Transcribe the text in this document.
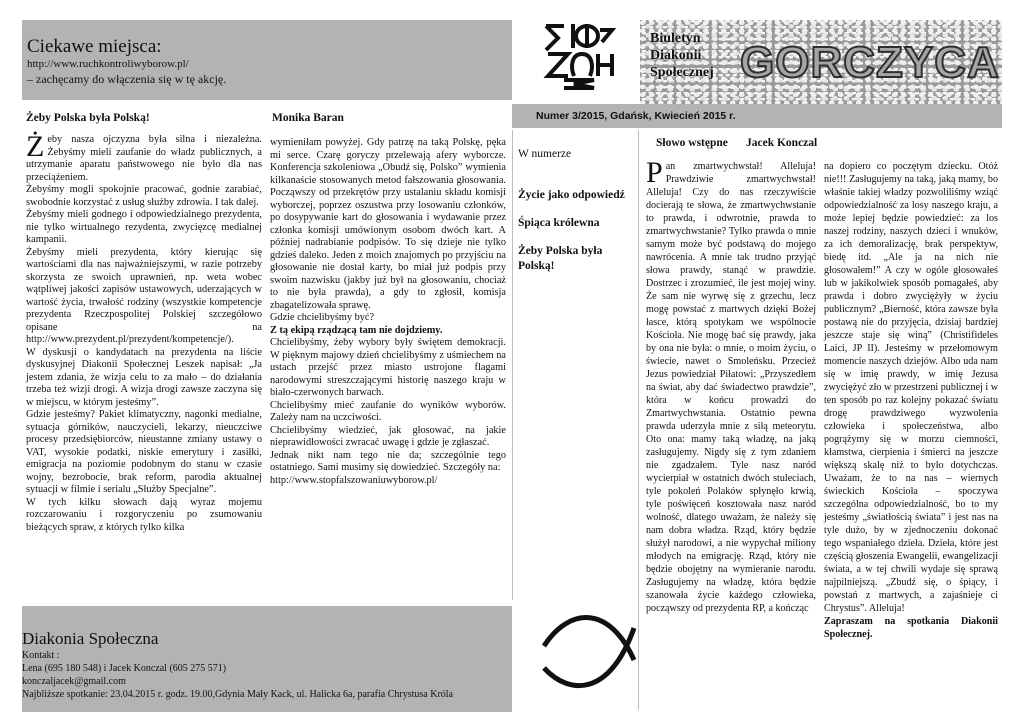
Ciekawe miejsca:
http://www.ruchkontroliwyborow.pl/
– zachęcamy do włączenia się w tę akcję.
Biuletyn
Diakonii
Społecznej GORCZYCA
Numer 3/2015, Gdańsk, Kwiecień 2015 r.
Żeby Polska była Polską!	Monika Baran
Ż eby nasza ojczyzna była silna i niezależna. Żebyśmy mieli zaufanie do władz publicznych, a utrzymanie aparatu państwowego nie było dla nas przeciążeniem.

Żebyśmy mogli spokojnie pracować, godnie zarabiać, swobodnie korzystać z usług służby zdrowia. I tak dalej.

Żebyśmy mieli godnego i odpowiedzialnego prezydenta, nie tylko wirtualnego rezydenta, zwycięzcę medialnej kampanii.

Żebyśmy mieli prezydenta, który kierując się wartościami dla nas najważniejszymi, w razie potrzeby skorzysta ze swoich uprawnień, np. weta wobec wątpliwej jakości zapisów ustawowych, uderzających w wartość życia, trwałość rodziny (wszystkie kompetencje prezydenta Rzeczpospolitej Polskiej szczegółowo opisane na http://www.prezydent.pl/prezydent/kompetencje/).

W dyskusji o kandydatach na prezydenta na liście dyskusyjnej Diakonii Społecznej Leszek napisał: „Ja jestem zdania, że wizja celu to za mało – do działania trzeba też wizji drogi. A wizja drogi zawsze zaczyna się w miejscu, w którym jesteśmy”.

Gdzie jesteśmy? Pakiet klimatyczny, nagonki medialne, sytuacja górników, nauczycieli, lekarzy, nieuczciwe procesy przedsiębiorców, nieustanne zmiany ustawy o VAT, wysokie podatki, niskie emerytury i zasiłki, emigracja na poziomie podobnym do stanu w czasie wojny, bezrobocie, brak reform, parodia aktualnej sytuacji w filmie i serialu „Służby Specjalne”.

W tych kilku słowach dają wyraz mojemu rozczarowaniu i rozgoryczeniu po zsumowaniu bieżących spraw, z których tylko kilka

wymieniłam powyżej. Gdy patrzę na taką Polskę, pęka mi serce. Czarę goryczy przelewają afery wyborcze. Konferencja szkoleniowa „Obudź się, Polsko” wymienia kilkanaście stosowanych metod fałszowania głosowania. Począwszy od przekrętów przy ustalaniu składu komisji wyborczej, poprzez oszustwa przy losowaniu członków, po dosypywanie kart do głosowania i wydawanie przez członka komisji umówionym osobom dwóch kart. A później nadrabianie podpisów. To się dzieje nie tylko gdzieś daleko. Jeden z moich znajomych po przyjściu na głosowanie nie dostał karty, bo miał już podpis przy swoim nazwisku (jakby już był na głosowaniu, chociaż to nie była prawda), a gdy to zgłosił, komisja zbagatelizowała sprawę.

Gdzie chcielibyśmy być?

Z tą ekipą rządzącą tam nie dojdziemy.

Chcielibyśmy, żeby wybory były świętem demokracji. W pięknym majowy dzień chcielibyśmy z uśmiechem na ustach przejść przez miasto ustrojone flagami narodowymi streszczającymi historię naszego kraju w biało-czerwonych barwach.

Chcielibyśmy mieć zaufanie do wyników wyborów. Zależy nam na uczciwości.

Chcielibyśmy wiedzieć, jak głosować, na jakie nieprawidłowości zwracać uwagę i gdzie je zgłaszać.

Jednak nikt nam tego nie da; szczególnie tego ostatniego. Sami musimy się dowiedzieć. Szczegóły na:

http://www.stopfalszowaniuwyborow.pl/

W numerze
Życie jako odpowiedź
Śpiąca królewna
Żeby Polska była Polską!
Słowo wstępne Jacek Konczal
P an zmartwychwstał! Alleluja! Prawdziwie zmartwychwstał! Alleluja! Czy do nas rzeczywiście docierają te słowa, że zmartwychwstanie to prawda, i odwrotnie, prawda to zmartwychwstanie? Tylko prawda o mnie samym może być podstawą do mojego nawrócenia. A mnie tak trudno przyjąć słowa prawdy, stanąć w prawdzie. Dostrzec i zrozumieć, ile jest mojej winy. Że sam nie wyrwę się z grzechu, lecz mogę powstać z martwych dzięki Bożej łasce, którą spotykam we wspólnocie Kościoła. Nie mogę bać się prawdy, jaka by ona nie była: o mnie, o moim życiu, o świecie, nawet o Smoleńsku. Przecież Jezus powiedział Piłatowi: „Przyszedłem na świat, aby dać świadectwo prawdzie”, która w końcu prowadzi do Zmartwychwstania. Ostatnio pewna prawda uderzyła mnie z siłą meteorytu. Oto ona: mamy taką władzę, na jaką zasługujemy. Nigdy się z tym zdaniem nie zgadzałem. Tyle nasz naród wycierpiał w ostatnich dwóch stuleciach, tyle pokoleń Polaków spłynęło krwią, tyle poświęceń kosztowała nasz naród wolność, dlatego uważam, że należy się nam dobra władza. Rząd, który będzie służył narodowi, a nie wypychał miliony młodych na emigrację. Rząd, który nie będzie obojętny na wymieranie narodu. Zasługujemy na władzę, która będzie szanowała życie każdego człowieka, począwszy od prezydenta RP, a kończąc
na dopiero co poczętym dziecku. Otóż nie!!! Zasługujemy na taką, jaką mamy, bo właśnie takiej władzy pozwoliliśmy wziąć odpowiedzialność za losy naszego kraju, a może lepiej będzie powiedzieć: za los naszej rodziny, naszych dzieci i wnuków, za ich demoralizację, brak perspektyw, biedę itd. „Ale ja na nich nie głosowałem!” A czy w ogóle głosowałeś lub w jakikolwiek sposób pomagałeś, aby prawda i dobro zwyciężyły w życiu publicznym? „Bierność, która zawsze była postawą nie do przyjęcia, dzisiaj bardziej jeszcze staje się winą” (Christifideles Laici, JP II). Jesteśmy w przełomowym momencie naszych dziejów. Albo uda nam się w imię prawdy, w imię Jezusa zwyciężyć zło w przestrzeni publicznej i w ten sposób po raz kolejny pokazać światu drogę prawdziwego wyzwolenia człowieka i społeczeństwa, albo pogrążymy się w morzu ciemności, kłamstwa, cierpienia i śmierci na jeszcze większą skalę niż to było dotychczas. Uważam, że to na nas – wiernych świeckich Kościoła – spoczywa szczególna odpowiedzialność, bo to my jesteśmy „światłością świata” i jest nas na tyle dużo, by w zjednoczeniu dokonać tego wspaniałego dzieła. Dzieła, które jest częścią głoszenia Ewangelii, ewangelizacji świata, a w tej chwili wydaje się sprawą najpilniejszą. „Zbudź się, o śpiący, i powstań z martwych, a zajaśnieje ci Chrystus”. Alleluja!
Zapraszam na spotkania Diakonii Społecznej.
Diakonia Społeczna
Kontakt :
Lena (695 180 548) i Jacek Konczal (605 275 571)
konczaljacek@gmail.com
Najbliższe spotkanie: 23.04.2015 r. godz. 19.00,Gdynia Mały Kack, ul. Halicka 6a, parafia Chrystusa Króla
